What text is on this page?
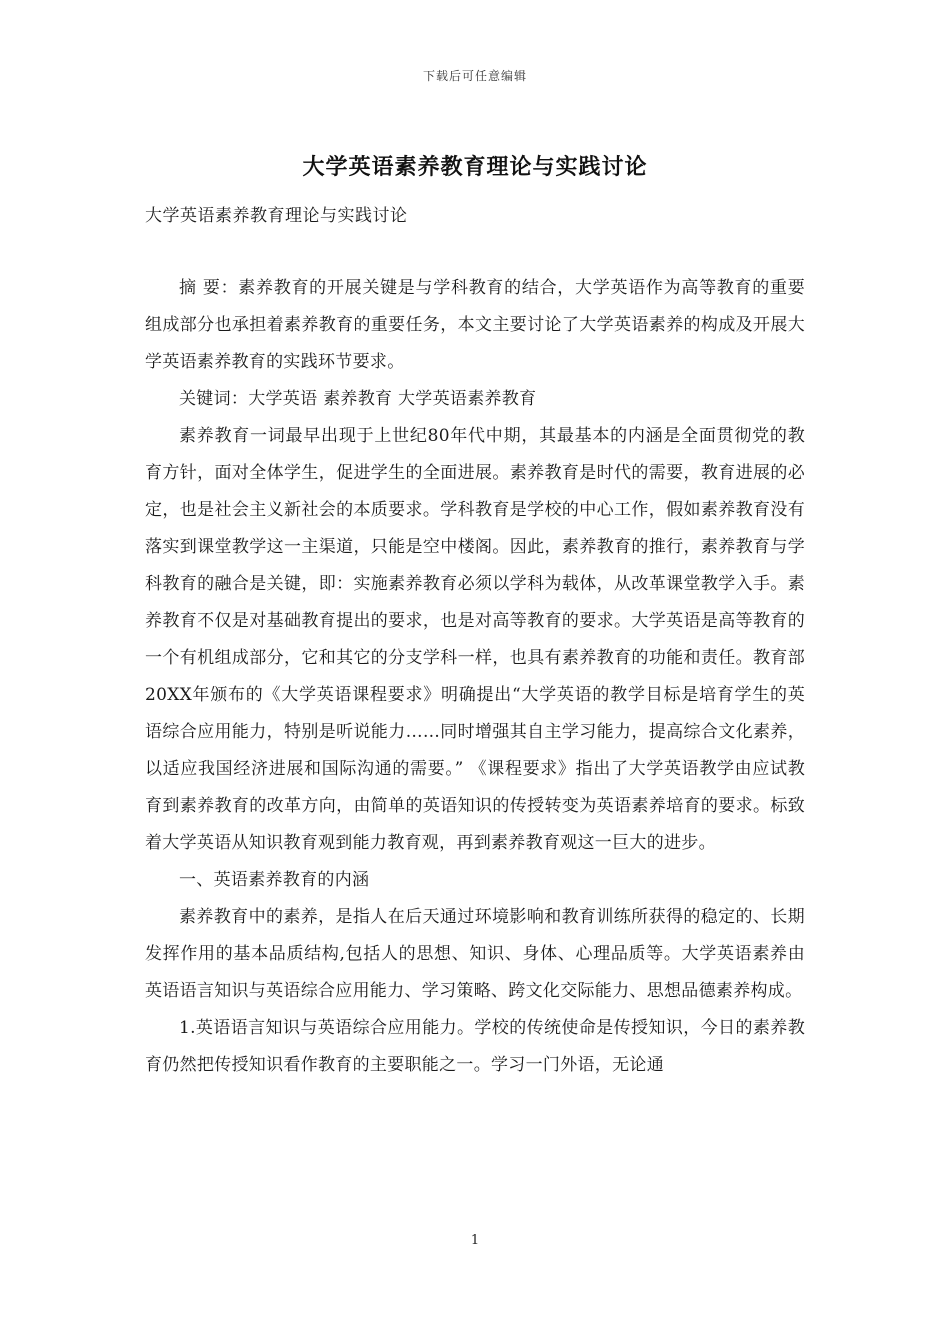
下载后可任意编辑
大学英语素养教育理论与实践讨论
大学英语素养教育理论与实践讨论

摘 要：素养教育的开展关键是与学科教育的结合，大学英语作为高等教育的重要组成部分也承担着素养教育的重要任务，本文主要讨论了大学英语素养的构成及开展大学英语素养教育的实践环节要求。

关键词：大学英语 素养教育 大学英语素养教育

素养教育一词最早出现于上世纪80年代中期，其最基本的内涵是全面贯彻党的教育方针，面对全体学生，促进学生的全面进展。素养教育是时代的需要，教育进展的必定，也是社会主义新社会的本质要求。学科教育是学校的中心工作，假如素养教育没有落实到课堂教学这一主渠道，只能是空中楼阁。因此，素养教育的推行，素养教育与学科教育的融合是关键，即：实施素养教育必须以学科为载体，从改革课堂教学入手。素养教育不仅是对基础教育提出的要求，也是对高等教育的要求。大学英语是高等教育的一个有机组成部分，它和其它的分支学科一样，也具有素养教育的功能和责任。教育部20XX年颁布的《大学英语课程要求》明确提出“大学英语的教学目标是培育学生的英语综合应用能力，特别是听说能力……同时增强其自主学习能力，提高综合文化素养，以适应我国经济进展和国际沟通的需要。” 《课程要求》指出了大学英语教学由应试教育到素养教育的改革方向，由简单的英语知识的传授转变为英语素养培育的要求。标致着大学英语从知识教育观到能力教育观，再到素养教育观这一巨大的进步。

一、英语素养教育的内涵

素养教育中的素养，是指人在后天通过环境影响和教育训练所获得的稳定的、长期发挥作用的基本品质结构,包括人的思想、知识、身体、心理品质等。大学英语素养由英语语言知识与英语综合应用能力、学习策略、跨文化交际能力、思想品德素养构成。

1.英语语言知识与英语综合应用能力。学校的传统使命是传授知识，今日的素养教育仍然把传授知识看作教育的主要职能之一。学习一门外语，无论通

1
